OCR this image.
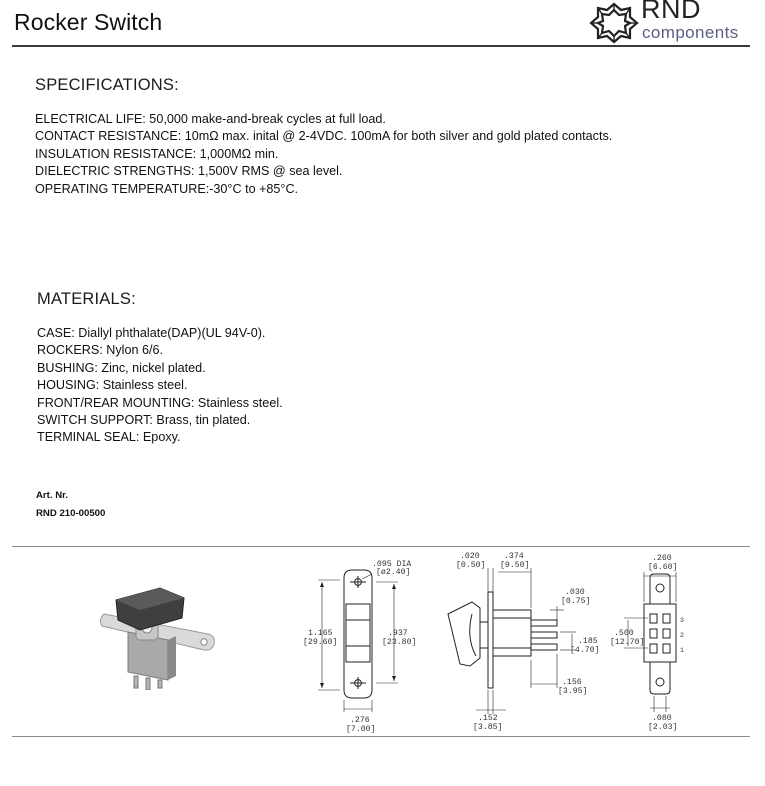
Rocker Switch	RND
components
SPECIFICATIONS:
ELECTRICAL LIFE: 50,000 make-and-break cycles at full load.
CONTACT RESISTANCE: 10mΩ max. inital @ 2-4VDC. 100mA for both silver and gold plated contacts.
INSULATION RESISTANCE: 1,000MΩ min.
DIELECTRIC STRENGTHS: 1,500V RMS @ sea level.
OPERATING TEMPERATURE:-30°C to +85°C.
MATERIALS:
CASE: Diallyl phthalate(DAP)(UL 94V-0).
ROCKERS: Nylon 6/6.
BUSHING: Zinc, nickel plated.
HOUSING: Stainless steel.
FRONT/REAR MOUNTING: Stainless steel.
SWITCH SUPPORT: Brass, tin plated.
TERMINAL SEAL: Epoxy.
Art. Nr.
RND 210-00500
.095 DIA
[ø2.40]
1.165
[29.60]
.937
[23.80]
.276
[7.00]
.020
[0.50]
.374
[9.50]
.030
[0.75]
.185
[4.70]
.156
[3.95]
.152
[3.85]
.260
[6.60]
.500
[12.70]
.080
[2.03]
3
2
1
